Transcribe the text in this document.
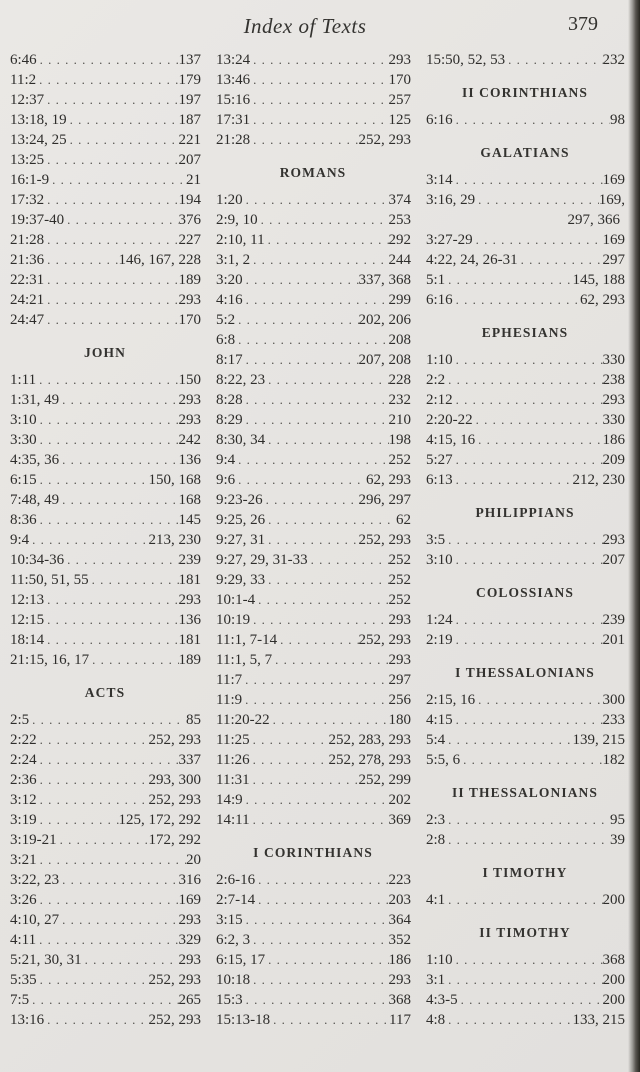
Index of Texts	379
6:46 . .	137
11:2 . .	179
12:37 . .	197
13:18, 19 . .	187
13:24, 25 . .	221
13:25 . .	207
16:1-9 . .	21
17:32 . .	194
19:37-40 . .	376
21:28 . .	227
21:36 . .	146, 167, 228
22:31 . .	189
24:21 . .	293
24:47 . .	170
JOHN
1:11 . .	150
1:31, 49 . .	293
3:10 . .	293
3:30 . .	242
4:35, 36 . .	136
6:15 . .	150, 168
7:48, 49 . .	168
8:36 . .	145
9:4 . .	213, 230
10:34-36 . .	239
11:50, 51, 55 . .	181
12:13 . .	293
12:15 . .	136
18:14 . .	181
21:15, 16, 17 . .	189
ACTS
2:5 . .	85
2:22 . .	252, 293
2:24 . .	337
2:36 . .	293, 300
3:12 . .	252, 293
3:19 . .	125, 172, 292
3:19-21 . .	172, 292
3:21 . .	20
3:22, 23 . .	316
3:26 . .	169
4:10, 27 . .	293
4:11 . .	329
5:21, 30, 31 . .	293
5:35 . .	252, 293
7:5 . .	265
13:16 . .	252, 293
13:24 . .	293
13:46 . .	170
15:16 . .	257
17:31 . .	125
21:28 . .	252, 293
ROMANS
1:20 . .	374
2:9, 10 . .	253
2:10, 11 . .	292
3:1, 2 . .	244
3:20 . .	337, 368
4:16 . .	299
5:2 . .	202, 206
6:8 . .	208
8:17 . .	207, 208
8:22, 23 . .	228
8:28 . .	232
8:29 . .	210
8:30, 34 . .	198
9:4 . .	252
9:6 . .	62, 293
9:23-26 . .	296, 297
9:25, 26 . .	62
9:27, 31 . .	252, 293
9:27, 29, 31-33 . .	252
9:29, 33 . .	252
10:1-4 . .	252
10:19 . .	293
11:1, 7-14 . .	252, 293
11:1, 5, 7 . .	293
11:7 . .	297
11:9 . .	256
11:20-22 . .	180
11:25 . .	252, 283, 293
11:26 . .	252, 278, 293
11:31 . .	252, 299
14:9 . .	202
14:11 . .	369
I CORINTHIANS
2:6-16 . .	223
2:7-14 . .	203
3:15 . .	364
6:2, 3 . .	352
6:15, 17 . .	186
10:18 . .	293
15:3 . .	368
15:13-18 . .	117
15:50, 52, 53 . .	232
II CORINTHIANS
6:16 . .	98
GALATIANS
3:14 . .	169
3:16, 29 . .	169,
297, 366
3:27-29 . .	169
4:22, 24, 26-31 . .	297
5:1 . .	145, 188
6:16 . .	62, 293
EPHESIANS
1:10 . .	330
2:2 . .	238
2:12 . .	293
2:20-22 . .	330
4:15, 16 . .	186
5:27 . .	209
6:13 . .	212, 230
PHILIPPIANS
3:5 . .	293
3:10 . .	207
COLOSSIANS
1:24 . .	239
2:19 . .	201
I THESSALONIANS
2:15, 16 . .	300
4:15 . .	233
5:4 . .	139, 215
5:5, 6 . .	182
II THESSALONIANS
2:3 . .	95
2:8 . .	39
I TIMOTHY
4:1 . .	200
II TIMOTHY
1:10 . .	368
3:1 . .	200
4:3-5 . .	200
4:8 . .	133, 215
